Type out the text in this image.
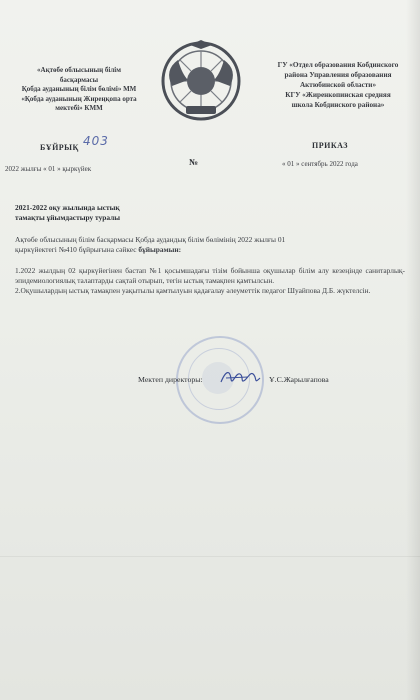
«Ақтөбе облысының білім
басқармасы
Қобда ауданының білім бөлімі» ММ
«Қобда ауданының Жиреңқопа орта
мектебі» КММ
ГУ «Отдел образования Кобдинского
района Управления образования
Актюбинской области»
КГУ «Жиренкопинская средняя
школа Кобдинского района»
БҰЙРЫҚ 403	ПРИКАЗ
№
2022 жылғы « 01 » қыркүйек
« 01 » сентябрь 2022 года
2021-2022 оқу жылында ыстық
тамақты ұйымдастыру туралы
Ақтөбе облысының білім басқармасы Қобда аудандық білім бөлімінің 2022 жылғы 01
қыркүйектегі №410 бұйрығына сәйкес бұйырамын:
1.2022 жылдың 02 қыркүйегінен бастап №1 қосымшадағы тізім бойынша оқушылар білім алу кезеңінде санитарлық-эпидемиологиялық талаптарды сақтай отырып, тегін ыстық тамақпен қамтылсын.
2.Оқушылардың ыстық тамақпен уақытылы қамтылуын қадағалау әлеуметтік педагог Шуайпова Д.Б. жүктелсін.
Мектеп директоры:	Ұ.С.Жарылғапова
